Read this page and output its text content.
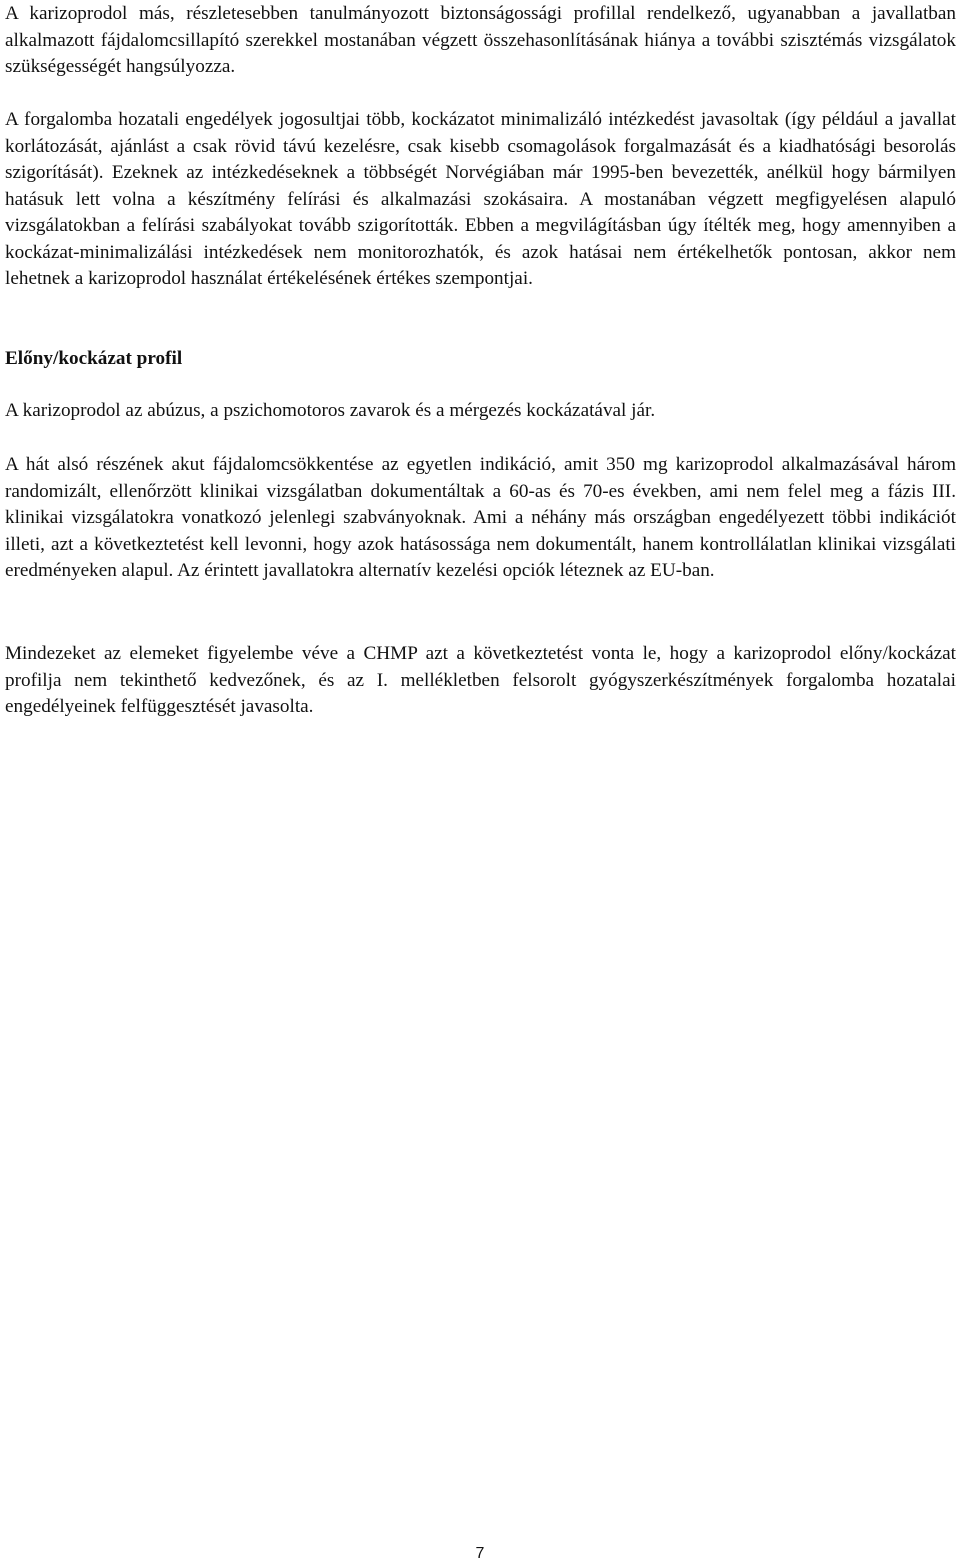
A karizoprodol más, részletesebben tanulmányozott biztonságossági profillal rendelkező, ugyanabban a javallatban alkalmazott fájdalomcsillapító szerekkel mostanában végzett összehasonlításának hiánya a további szisztémás vizsgálatok szükségességét hangsúlyozza.

A forgalomba hozatali engedélyek jogosultjai több, kockázatot minimalizáló intézkedést javasoltak (így például a javallat korlátozását, ajánlást a csak rövid távú kezelésre, csak kisebb csomagolások forgalmazását és a kiadhatósági besorolás szigorítását). Ezeknek az intézkedéseknek a többségét Norvégiában már 1995-ben bevezették, anélkül hogy bármilyen hatásuk lett volna a készítmény felírási és alkalmazási szokásaira. A mostanában végzett megfigyelésen alapuló vizsgálatokban a felírási szabályokat tovább szigorították. Ebben a megvilágításban úgy ítélték meg, hogy amennyiben a kockázat-minimalizálási intézkedések nem monitorozhatók, és azok hatásai nem értékelhetők pontosan, akkor nem lehetnek a karizoprodol használat értékelésének értékes szempontjai.

Előny/kockázat profil

A karizoprodol az abúzus, a pszichomotoros zavarok és a mérgezés kockázatával jár.

A hát alsó részének akut fájdalomcsökkentése az egyetlen indikáció, amit 350 mg karizoprodol alkalmazásával három randomizált, ellenőrzött klinikai vizsgálatban dokumentáltak a 60-as és 70-es években, ami nem felel meg a fázis III. klinikai vizsgálatokra vonatkozó jelenlegi szabványoknak. Ami a néhány más országban engedélyezett többi indikációt illeti, azt a következtetést kell levonni, hogy azok hatásossága nem dokumentált, hanem kontrollálatlan klinikai vizsgálati eredményeken alapul. Az érintett javallatokra alternatív kezelési opciók léteznek az EU-ban.

Mindezeket az elemeket figyelembe véve a CHMP azt a következtetést vonta le, hogy a karizoprodol előny/kockázat profilja nem tekinthető kedvezőnek, és az I. mellékletben felsorolt gyógyszerkészítmények forgalomba hozatalai engedélyeinek felfüggesztését javasolta.

7
